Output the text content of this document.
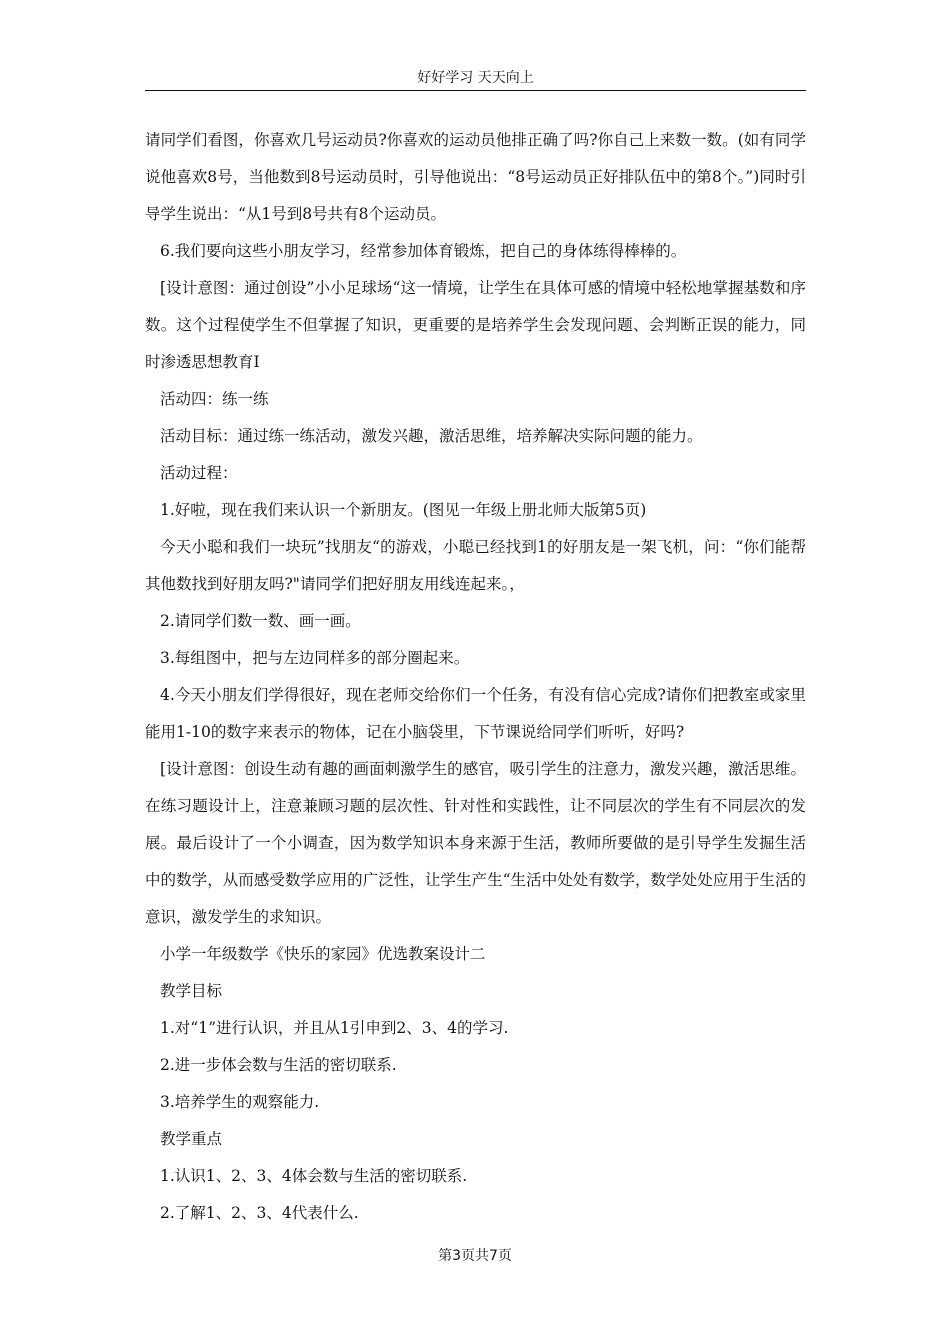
好好学习 天天向上

请同学们看图，你喜欢几号运动员?你喜欢的运动员他排正确了吗?你自己上来数一数。(如有同学说他喜欢8号，当他数到8号运动员时，引导他说出：“8号运动员正好排队伍中的第8个。”)同时引导学生说出：“从1号到8号共有8个运动员。

6.我们要向这些小朋友学习，经常参加体育锻炼，把自己的身体练得棒棒的。

[设计意图：通过创设”小小足球场“这一情境，让学生在具体可感的情境中轻松地掌握基数和序数。这个过程使学生不但掌握了知识，更重要的是培养学生会发现问题、会判断正误的能力，同时渗透思想教育I

活动四：练一练

活动目标：通过练一练活动，激发兴趣，激活思维，培养解决实际问题的能力。

活动过程：

1.好啦，现在我们来认识一个新朋友。(图见一年级上册北师大版第5页)

今天小聪和我们一块玩”找朋友“的游戏，小聪已经找到1的好朋友是一架飞机，问：“你们能帮其他数找到好朋友吗?"请同学们把好朋友用线连起来。，

2.请同学们数一数、画一画。

3.每组图中，把与左边同样多的部分圈起来。

4.今天小朋友们学得很好，现在老师交给你们一个任务，有没有信心完成?请你们把教室或家里能用1-10的数字来表示的物体，记在小脑袋里，下节课说给同学们听听，好吗?

[设计意图：创设生动有趣的画面刺激学生的感官，吸引学生的注意力，激发兴趣，激活思维。在练习题设计上，注意兼顾习题的层次性、针对性和实践性，让不同层次的学生有不同层次的发展。最后设计了一个小调查，因为数学知识本身来源于生活，教师所要做的是引导学生发掘生活中的数学，从而感受数学应用的广泛性，让学生产生“生活中处处有数学，数学处处应用于生活的意识，激发学生的求知识。

小学一年级数学《快乐的家园》优选教案设计二

教学目标

1.对“1”进行认识，并且从1引申到2、3、4的学习.

2.进一步体会数与生活的密切联系.

3.培养学生的观察能力.

教学重点

1.认识1、2、3、4体会数与生活的密切联系.

2.了解1、2、3、4代表什么.

第3页共7页
